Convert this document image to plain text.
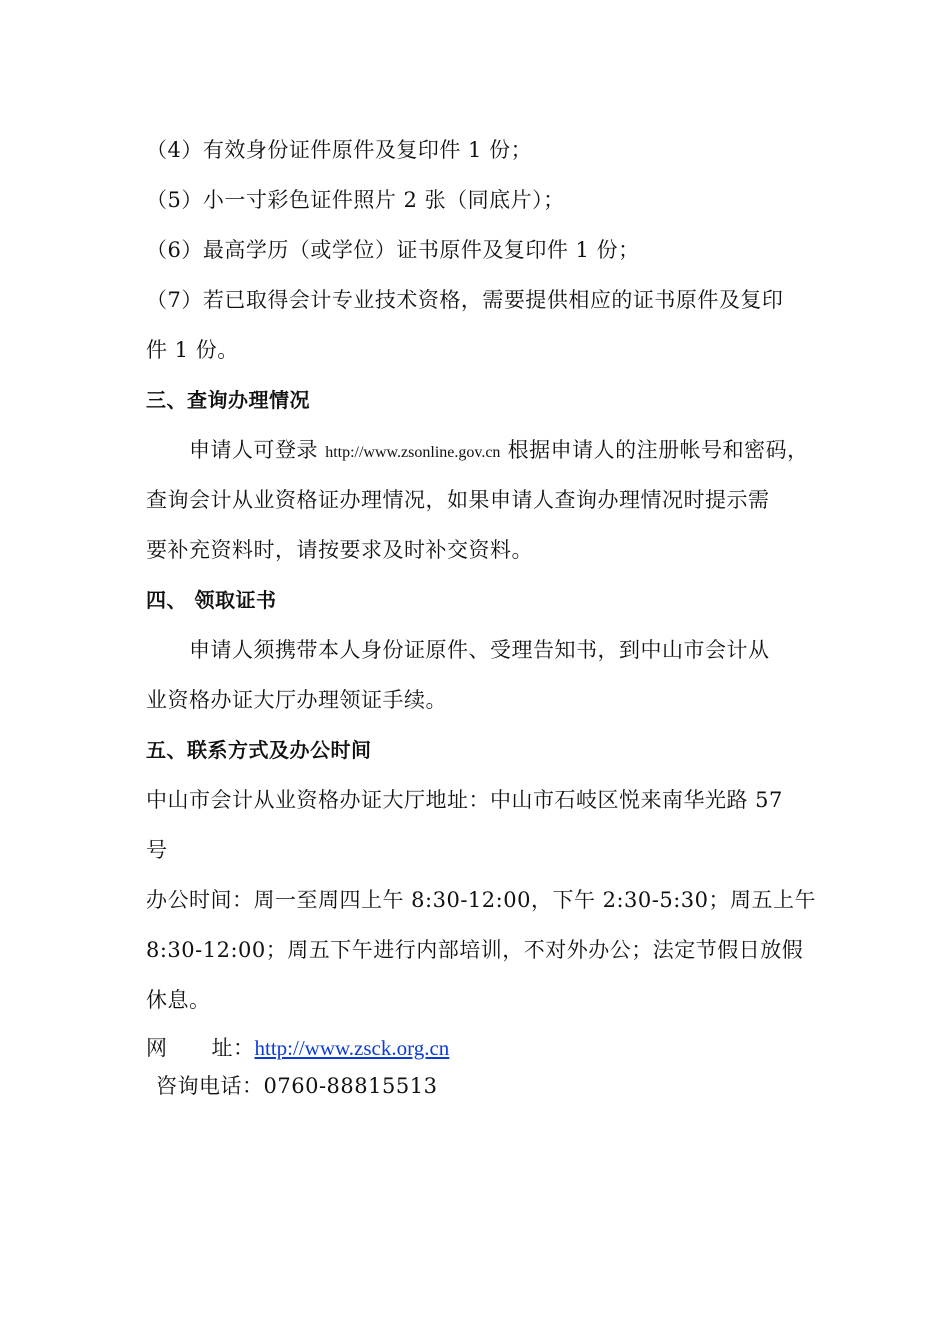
（4）有效身份证件原件及复印件 1 份；
（5）小一寸彩色证件照片 2 张（同底片）；
（6）最高学历（或学位）证书原件及复印件 1 份；
（7）若已取得会计专业技术资格，需要提供相应的证书原件及复印
件 1 份。
三、查询办理情况
申请人可登录 http://www.zsonline.gov.cn 根据申请人的注册帐号和密码，
查询会计从业资格证办理情况，如果申请人查询办理情况时提示需
要补充资料时，请按要求及时补交资料。
四、 领取证书
申请人须携带本人身份证原件、受理告知书，到中山市会计从
业资格办证大厅办理领证手续。
五、联系方式及办公时间
中山市会计从业资格办证大厅地址：中山市石岐区悦来南华光路 57
号
办公时间：周一至周四上午 8:30-12:00，下午 2:30-5:30；周五上午
8:30-12:00；周五下午进行内部培训，不对外办公；法定节假日放假
休息。
网 址：http://www.zsck.org.cn
咨询电话：0760-88815513
